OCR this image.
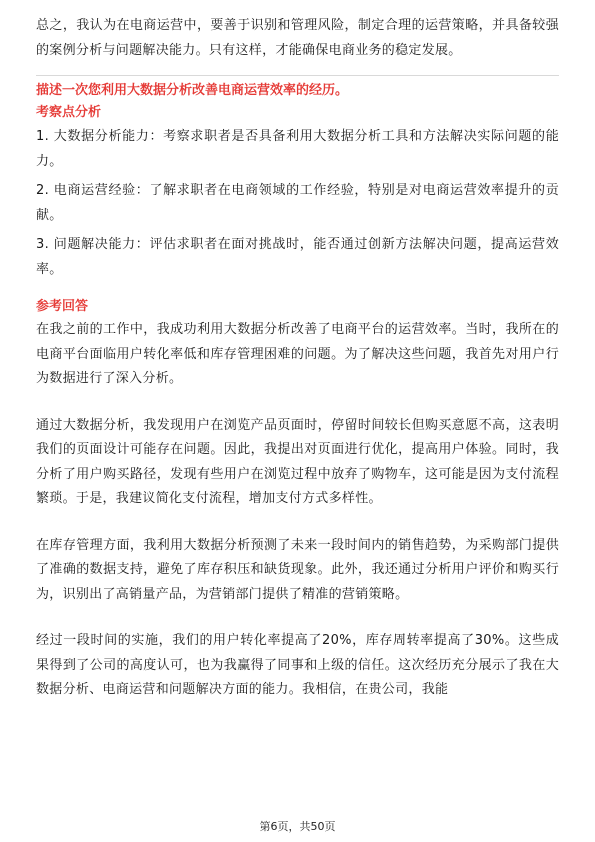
总之，我认为在电商运营中，要善于识别和管理风险，制定合理的运营策略，并具备较强的案例分析与问题解决能力。只有这样，才能确保电商业务的稳定发展。

描述一次您利用大数据分析改善电商运营效率的经历。

考察点分析

1. 大数据分析能力：考察求职者是否具备利用大数据分析工具和方法解决实际问题的能力。
2. 电商运营经验：了解求职者在电商领域的工作经验，特别是对电商运营效率提升的贡献。
3. 问题解决能力：评估求职者在面对挑战时，能否通过创新方法解决问题，提高运营效率。

参考回答

在我之前的工作中，我成功利用大数据分析改善了电商平台的运营效率。当时，我所在的电商平台面临用户转化率低和库存管理困难的问题。为了解决这些问题，我首先对用户行为数据进行了深入分析。

通过大数据分析，我发现用户在浏览产品页面时，停留时间较长但购买意愿不高，这表明我们的页面设计可能存在问题。因此，我提出对页面进行优化，提高用户体验。同时，我分析了用户购买路径，发现有些用户在浏览过程中放弃了购物车，这可能是因为支付流程繁琐。于是，我建议简化支付流程，增加支付方式多样性。

在库存管理方面，我利用大数据分析预测了未来一段时间内的销售趋势，为采购部门提供了准确的数据支持，避免了库存积压和缺货现象。此外，我还通过分析用户评价和购买行为，识别出了高销量产品，为营销部门提供了精准的营销策略。

经过一段时间的实施，我们的用户转化率提高了20%，库存周转率提高了30%。这些成果得到了公司的高度认可，也为我赢得了同事和上级的信任。这次经历充分展示了我在大数据分析、电商运营和问题解决方面的能力。我相信，在贵公司，我能

第6页，共50页
